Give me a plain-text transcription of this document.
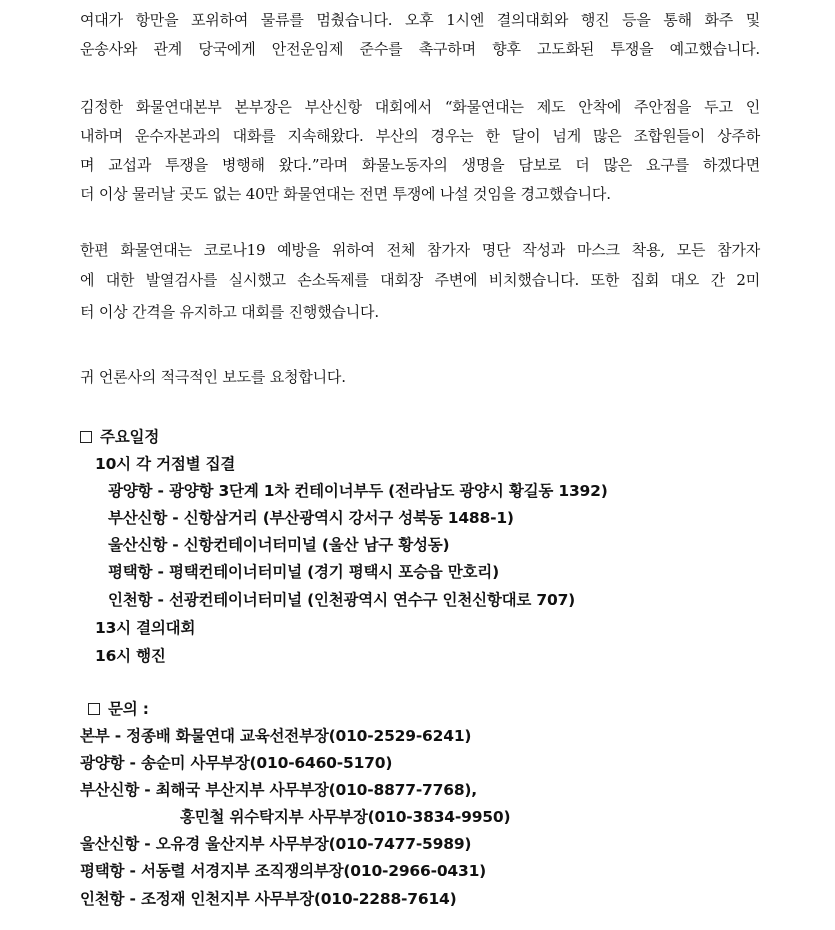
여대가 항만을 포위하여 물류를 멈췄습니다. 오후 1시엔 결의대회와 행진 등을 통해 화주 및
운송사와 관계 당국에게 안전운임제 준수를 촉구하며 향후 고도화된 투쟁을 예고했습니다.
김정한 화물연대본부 본부장은 부산신항 대회에서 “화물연대는 제도 안착에 주안점을 두고 인
내하며 운수자본과의 대화를 지속해왔다. 부산의 경우는 한 달이 넘게 많은 조합원들이 상주하
며 교섭과 투쟁을 병행해 왔다.”라며 화물노동자의 생명을 담보로 더 많은 요구를 하겠다면
더 이상 물러날 곳도 없는 40만 화물연대는 전면 투쟁에 나설 것임을 경고했습니다.
한편 화물연대는 코로나19 예방을 위하여 전체 참가자 명단 작성과 마스크 착용, 모든 참가자
에 대한 발열검사를 실시했고 손소독제를 대회장 주변에 비치했습니다. 또한 집회 대오 간 2미
터 이상 간격을 유지하고 대회를 진행했습니다.
귀 언론사의 적극적인 보도를 요청합니다.
주요일정
10시 각 거점별 집결
광양항 - 광양항 3단계 1차 컨테이너부두 (전라남도 광양시 황길동 1392)
부산신항 - 신항삼거리 (부산광역시 강서구 성북동 1488-1)
울산신항 - 신항컨테이너터미널 (울산 남구 황성동)
평택항 - 평택컨테이너터미널 (경기 평택시 포승읍 만호리)
인천항 - 선광컨테이너터미널 (인천광역시 연수구 인천신항대로 707)
13시 결의대회
16시 행진
문의 :
본부 - 정종배 화물연대 교육선전부장(010-2529-6241)
광양항 - 송순미 사무부장(010-6460-5170)
부산신항 - 최해국 부산지부 사무부장(010-8877-7768),
홍민철 위수탁지부 사무부장(010-3834-9950)
울산신항 - 오유경 울산지부 사무부장(010-7477-5989)
평택항 - 서동렬 서경지부 조직쟁의부장(010-2966-0431)
인천항 - 조정재 인천지부 사무부장(010-2288-7614)
